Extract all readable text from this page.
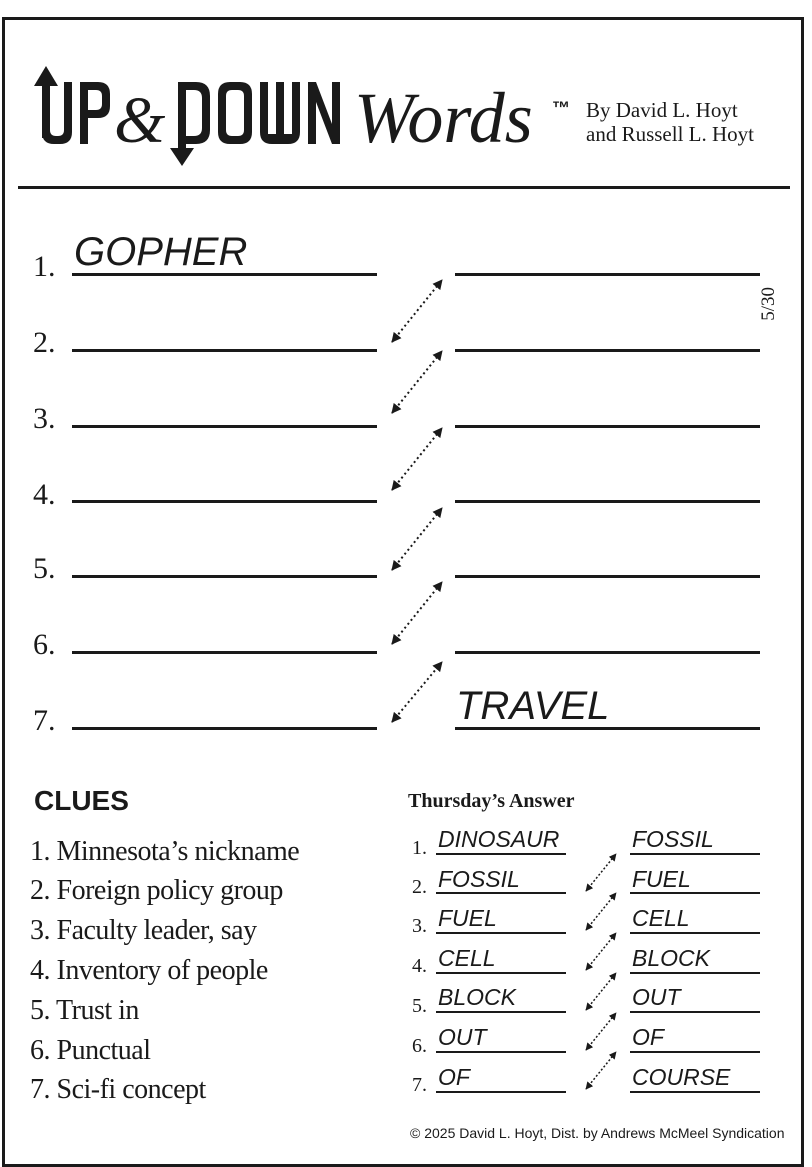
&	Words ™ By David L. Hoyt
and Russell L. Hoyt
5/30
1.
2.
3.
4.
5.
6.
7.
GOPHER
TRAVEL
CLUES
1. Minnesota’s nickname
2. Foreign policy group
3. Faculty leader, say
4. Inventory of people
5. Trust in
6. Punctual
7. Sci-fi concept
Thursday’s Answer
1.
2.
3.
4.
5.
6.
7.
DINOSAUR
FOSSIL
FUEL
CELL
BLOCK
OUT
OF
FOSSIL
FUEL
CELL
BLOCK
OUT
OF
COURSE
© 2025 David L. Hoyt, Dist. by Andrews McMeel Syndication
